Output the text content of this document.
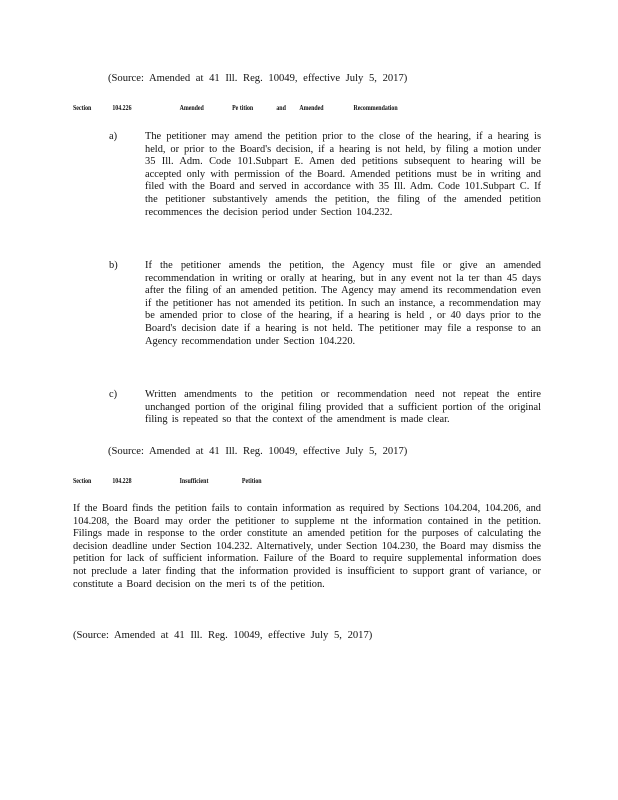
(Source: Amended at 41 Ill. Reg. 10049, effective July 5, 2017)
Section	104.226	Amended	Pe tition	and Amended	Recommendation
a)	The petitioner may amend the petition prior to the close of the hearing, if a hearing is held, or prior to the Board's decision, if a hearing is not held, by filing a motion under 35 Ill. Adm. Code 101.Subpart E. Amen ded petitions subsequent to hearing will be accepted only with permission of the Board. Amended petitions must be in writing and filed with the Board and served in accordance with 35 Ill. Adm. Code 101.Subpart C. If the petitioner substantively amends the petition, the filing of the amended petition recommences the decision period under Section 104.232.
b)	If the petitioner amends the petition, the Agency must file or give an amended recommendation in writing or orally at hearing, but in any event not la ter than 45 days after the filing of an amended petition. The Agency may amend its recommendation even if the petitioner has not amended its petition. In such an instance, a recommendation may be amended prior to close of the hearing, if a hearing is held , or 40 days prior to the Board's decision date if a hearing is not held. The petitioner may file a response to an Agency recommendation under Section 104.220.
c)	Written amendments to the petition or recommendation need not repeat the entire unchanged portion of the original filing provided that a sufficient portion of the original filing is repeated so that the context of the amendment is made clear.
(Source: Amended at 41 Ill. Reg. 10049, effective July 5, 2017)
Section	104.228	Insufficient	Petition
If the Board finds the petition fails to contain information as required by Sections 104.204, 104.206, and 104.208, the Board may order the petitioner to suppleme nt the information contained in the petition. Filings made in response to the order constitute an amended petition for the purposes of calculating the decision deadline under Section 104.232. Alternatively, under Section 104.230, the Board may dismiss the petition for lack of sufficient information. Failure of the Board to require supplemental information does not preclude a later finding that the information provided is insufficient to support grant of variance, or constitute a Board decision on the meri ts of the petition.
(Source: Amended at 41 Ill. Reg. 10049, effective July 5, 2017)
